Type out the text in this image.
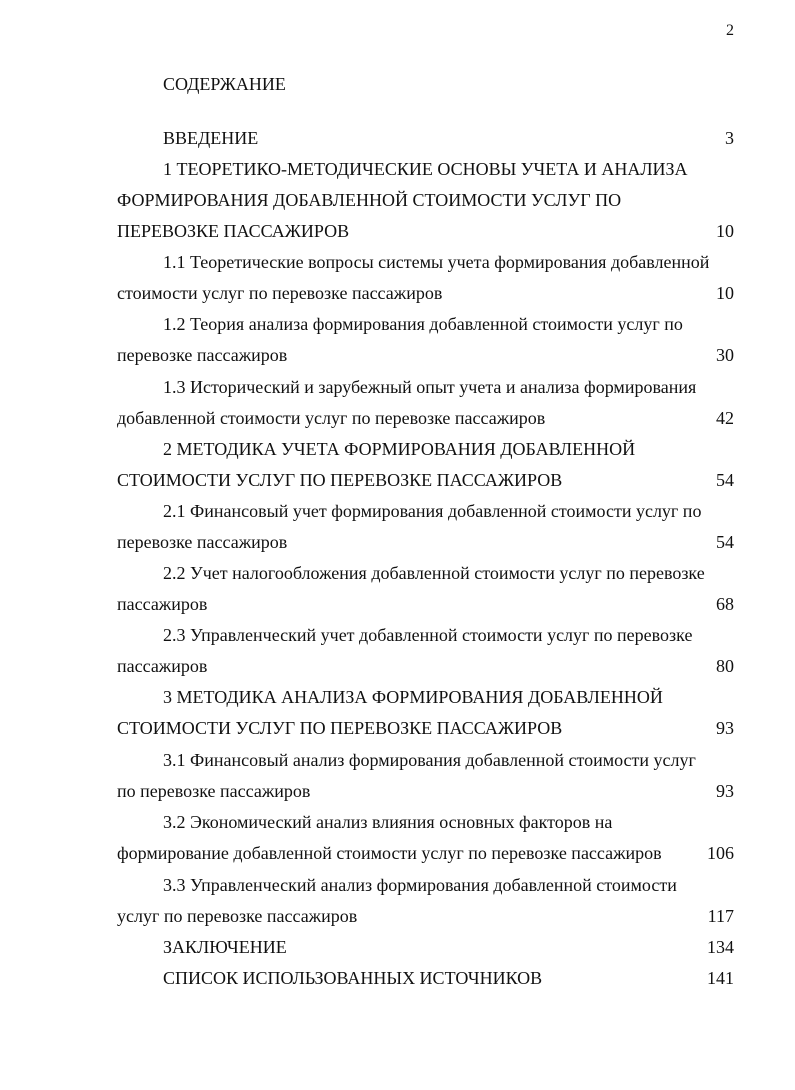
2
СОДЕРЖАНИЕ
ВВЕДЕНИЕ	3
1 ТЕОРЕТИКО-МЕТОДИЧЕСКИЕ ОСНОВЫ УЧЕТА И АНАЛИЗА
ФОРМИРОВАНИЯ ДОБАВЛЕННОЙ СТОИМОСТИ УСЛУГ ПО
ПЕРЕВОЗКЕ ПАССАЖИРОВ	10
1.1 Теоретические вопросы системы учета формирования добавленной
стоимости услуг по перевозке пассажиров	10
1.2 Теория анализа формирования добавленной стоимости услуг по
перевозке пассажиров	30
1.3 Исторический и зарубежный опыт учета и анализа формирования
добавленной стоимости услуг по перевозке пассажиров	42
2 МЕТОДИКА УЧЕТА ФОРМИРОВАНИЯ ДОБАВЛЕННОЙ
СТОИМОСТИ УСЛУГ ПО ПЕРЕВОЗКЕ ПАССАЖИРОВ	54
2.1 Финансовый учет формирования добавленной стоимости услуг по
перевозке пассажиров	54
2.2 Учет налогообложения добавленной стоимости услуг по перевозке
пассажиров	68
2.3 Управленческий учет добавленной стоимости услуг по перевозке
пассажиров	80
3 МЕТОДИКА АНАЛИЗА ФОРМИРОВАНИЯ ДОБАВЛЕННОЙ
СТОИМОСТИ УСЛУГ ПО ПЕРЕВОЗКЕ ПАССАЖИРОВ	93
3.1 Финансовый анализ формирования добавленной стоимости услуг
по перевозке пассажиров	93
3.2 Экономический анализ влияния основных факторов на
формирование добавленной стоимости услуг по перевозке пассажиров	106
3.3 Управленческий анализ формирования добавленной стоимости
услуг по перевозке пассажиров	117
ЗАКЛЮЧЕНИЕ	134
СПИСОК ИСПОЛЬЗОВАННЫХ ИСТОЧНИКОВ	141
